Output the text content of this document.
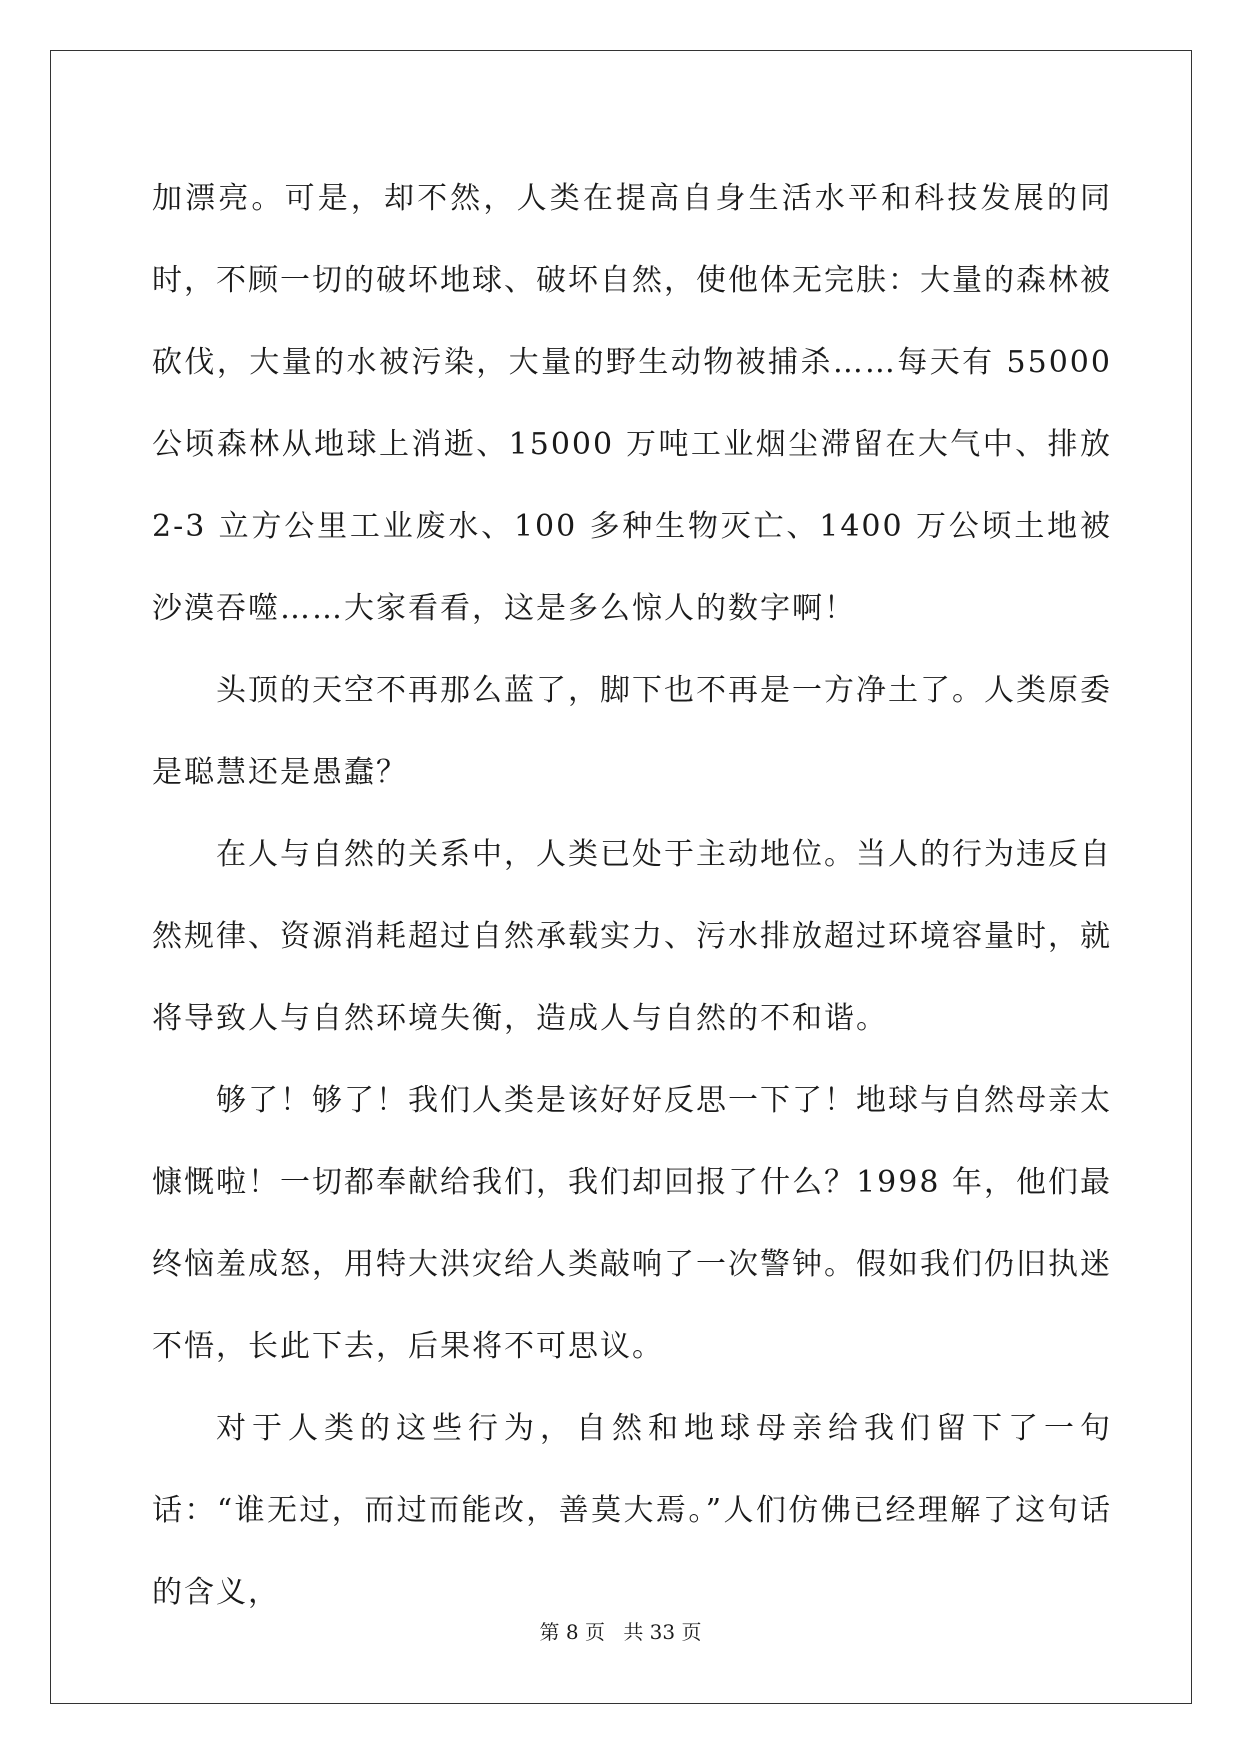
加漂亮。可是，却不然，人类在提高自身生活水平和科技发展的同时，不顾一切的破坏地球、破坏自然，使他体无完肤：大量的森林被砍伐，大量的水被污染，大量的野生动物被捕杀……每天有 55000 公顷森林从地球上消逝、15000 万吨工业烟尘滞留在大气中、排放 2-3 立方公里工业废水、100 多种生物灭亡、1400 万公顷土地被沙漠吞噬……大家看看，这是多么惊人的数字啊！

头顶的天空不再那么蓝了，脚下也不再是一方净土了。人类原委是聪慧还是愚蠢？

在人与自然的关系中，人类已处于主动地位。当人的行为违反自然规律、资源消耗超过自然承载实力、污水排放超过环境容量时，就将导致人与自然环境失衡，造成人与自然的不和谐。

够了！够了！我们人类是该好好反思一下了！地球与自然母亲太慷慨啦！一切都奉献给我们，我们却回报了什么？1998 年，他们最终恼羞成怒，用特大洪灾给人类敲响了一次警钟。假如我们仍旧执迷不悟，长此下去，后果将不可思议。

对于人类的这些行为，自然和地球母亲给我们留下了一句话：“谁无过，而过而能改，善莫大焉。”人们仿佛已经理解了这句话的含义，

第 8 页 共 33 页
